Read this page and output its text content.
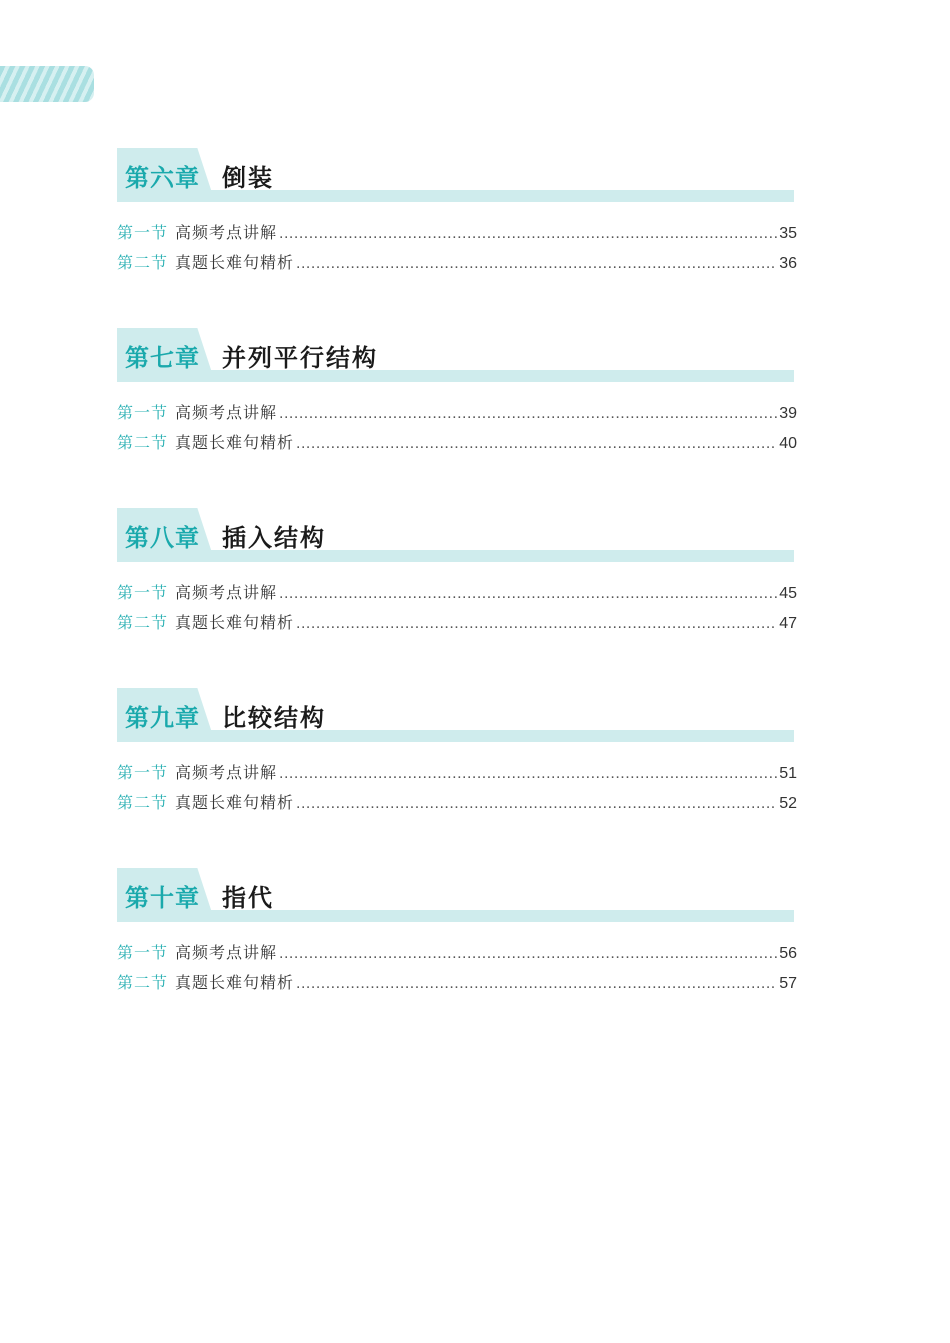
第六章 倒装
第一节 高频考点讲解 .....	35
第二节 真题长难句精析 .....	36
第七章 并列平行结构
第一节 高频考点讲解 .....	39
第二节 真题长难句精析 .....	40
第八章 插入结构
第一节 高频考点讲解 .....	45
第二节 真题长难句精析 .....	47
第九章 比较结构
第一节 高频考点讲解 .....	51
第二节 真题长难句精析 .....	52
第十章 指代
第一节 高频考点讲解 .....	56
第二节 真题长难句精析 .....	57
